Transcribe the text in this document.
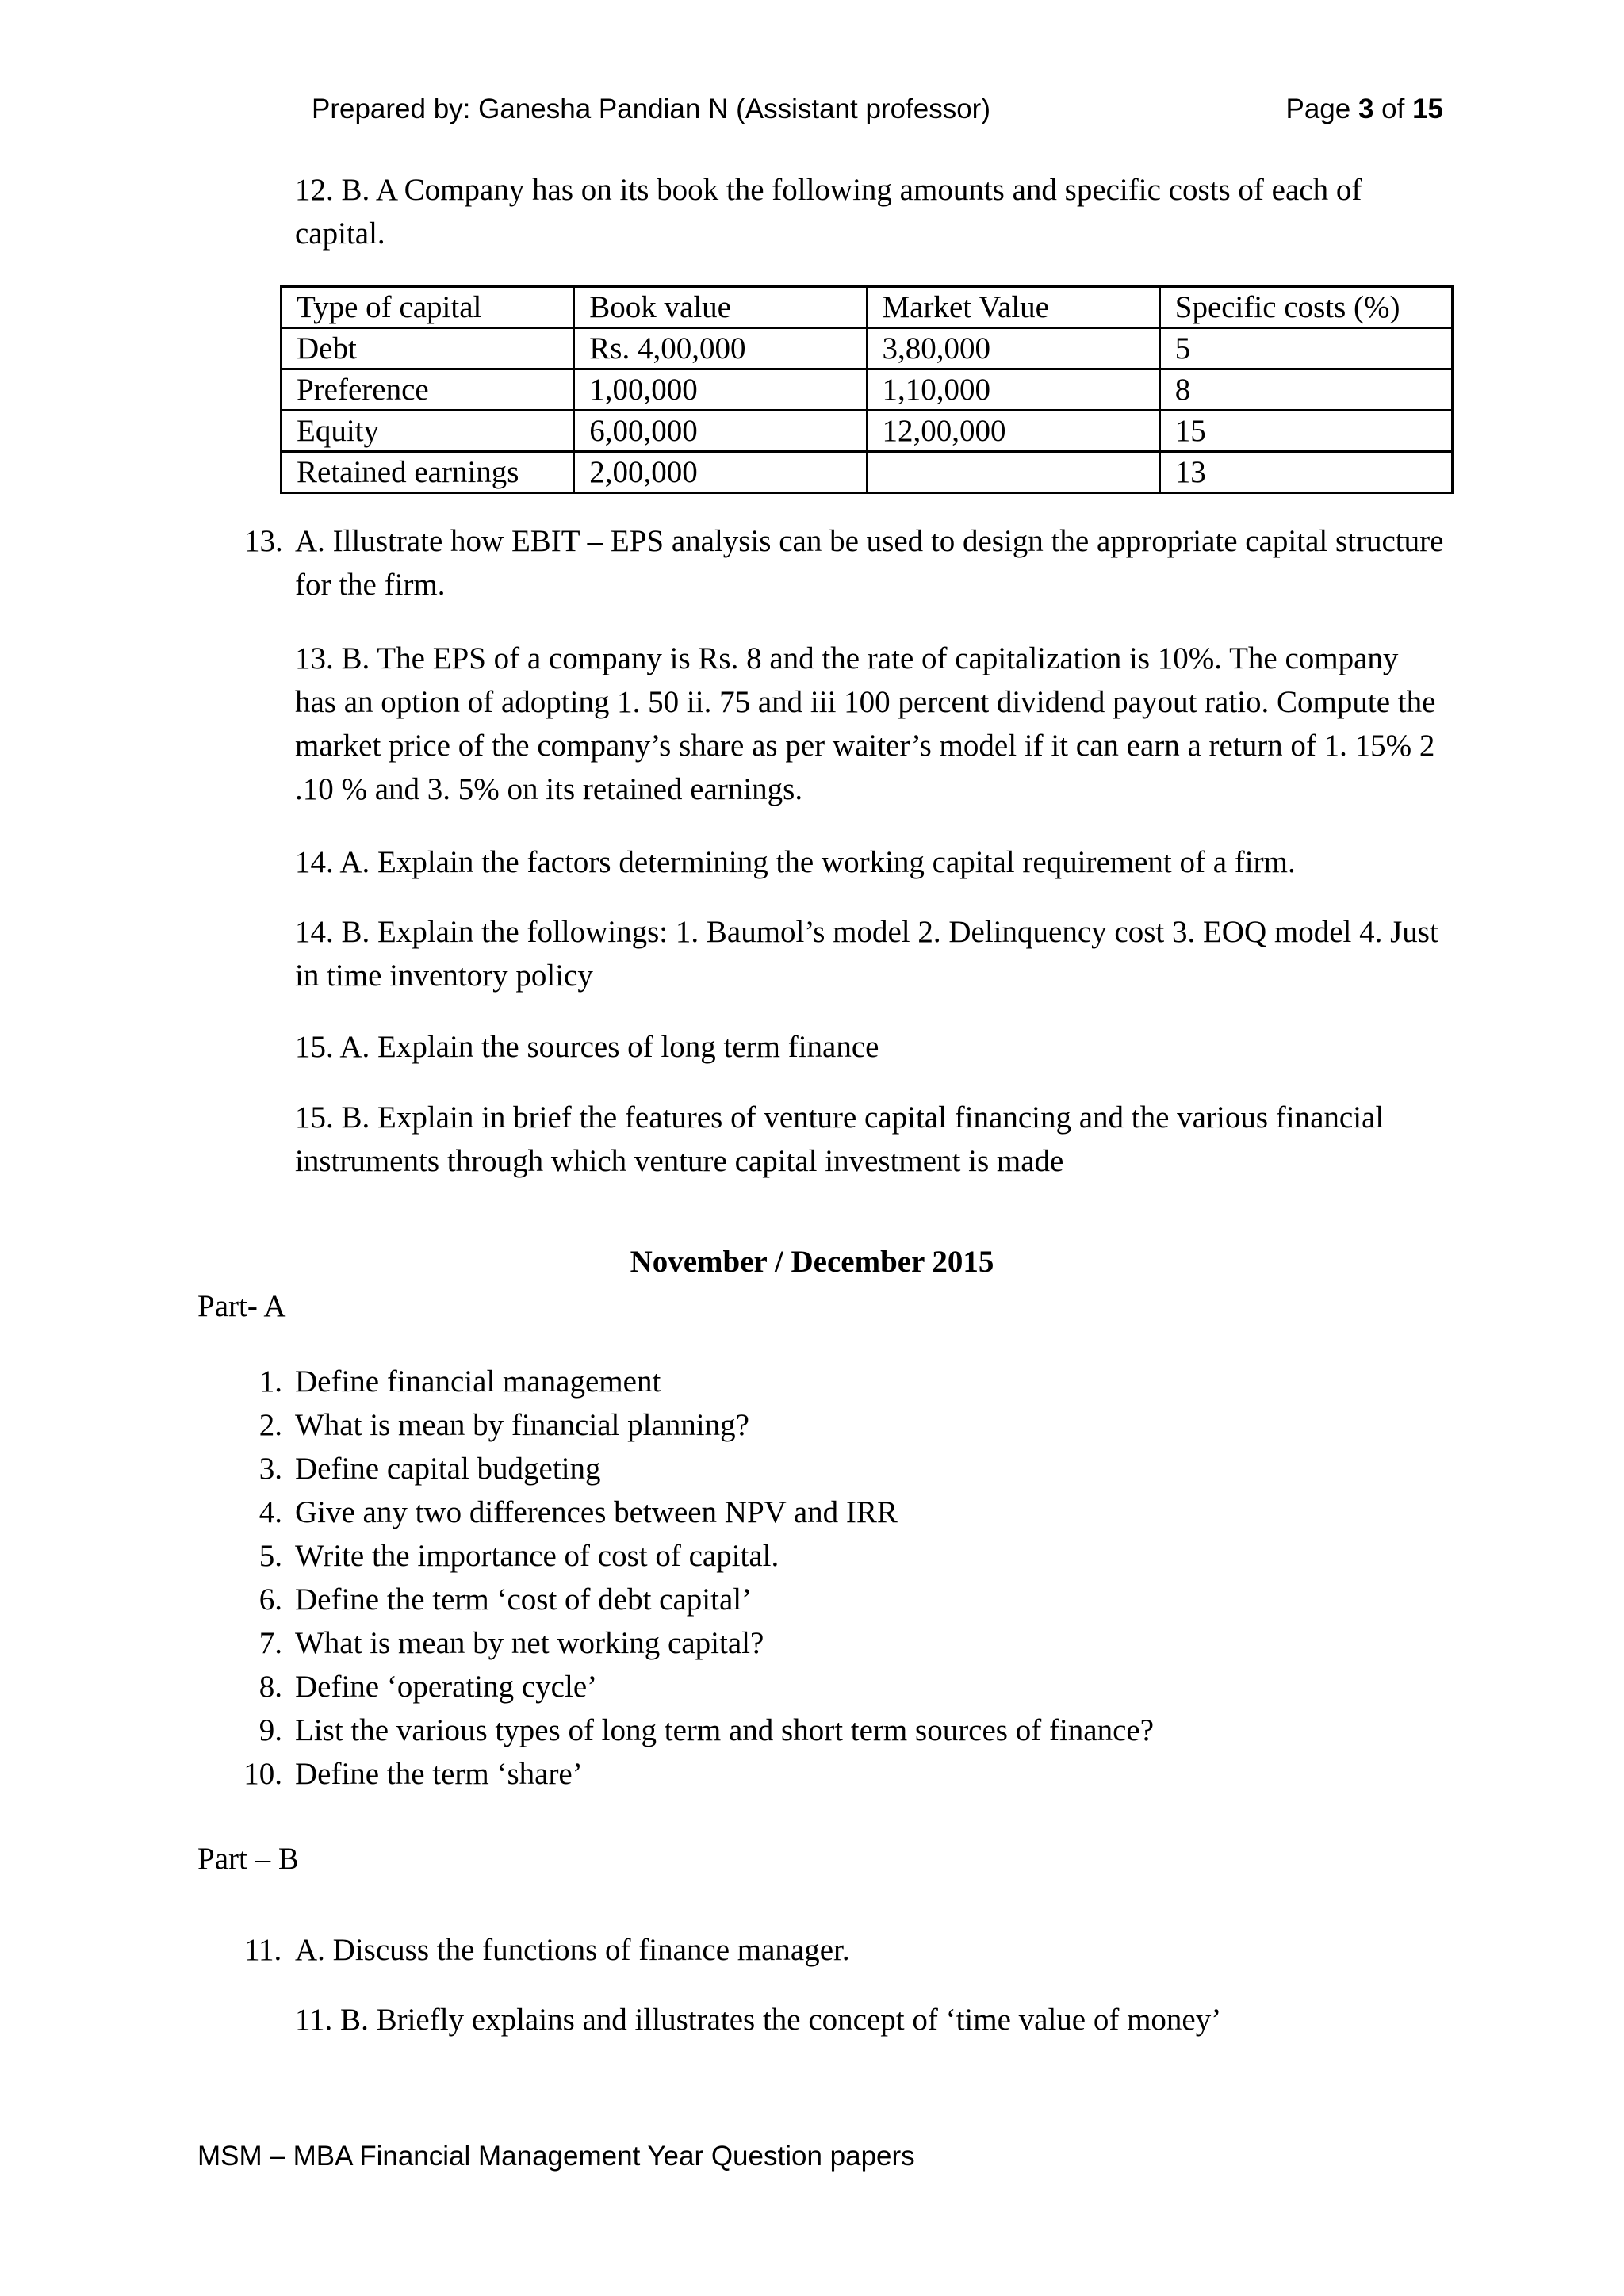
Prepared by: Ganesha Pandian N (Assistant professor)	Page 3 of 15
12. B. A Company has on its book the following amounts and specific costs of each of capital.
Type of capital	Book value	Market Value	Specific costs (%)
Debt	Rs. 4,00,000	3,80,000	5
Preference	1,00,000	1,10,000	8
Equity	6,00,000	12,00,000	15
Retained earnings	2,00,000		13
13. A. Illustrate how EBIT – EPS analysis can be used to design the appropriate capital structure for the firm.
13. B. The EPS of a company is Rs. 8 and the rate of capitalization is 10%. The company has an option of adopting 1. 50 ii. 75 and iii 100 percent dividend payout ratio. Compute the market price of the company’s share as per waiter’s model if it can earn a return of 1. 15% 2 .10 % and 3. 5% on its retained earnings.
14. A. Explain the factors determining the working capital requirement of a firm.
14. B. Explain the followings: 1. Baumol’s model 2. Delinquency cost 3. EOQ model 4. Just in time inventory policy
15. A. Explain the sources of long term finance
15. B. Explain in brief the features of venture capital financing and the various financial instruments through which venture capital investment is made
November / December 2015
Part- A
1. Define financial management
2. What is mean by financial planning?
3. Define capital budgeting
4. Give any two differences between NPV and IRR
5. Write the importance of cost of capital.
6. Define the term ‘cost of debt capital’
7. What is mean by net working capital?
8. Define ‘operating cycle’
9. List the various types of long term and short term sources of finance?
10. Define the term ‘share’
Part – B
11. A. Discuss the functions of finance manager.
11. B. Briefly explains and illustrates the concept of ‘time value of money’
MSM – MBA Financial Management Year Question papers
